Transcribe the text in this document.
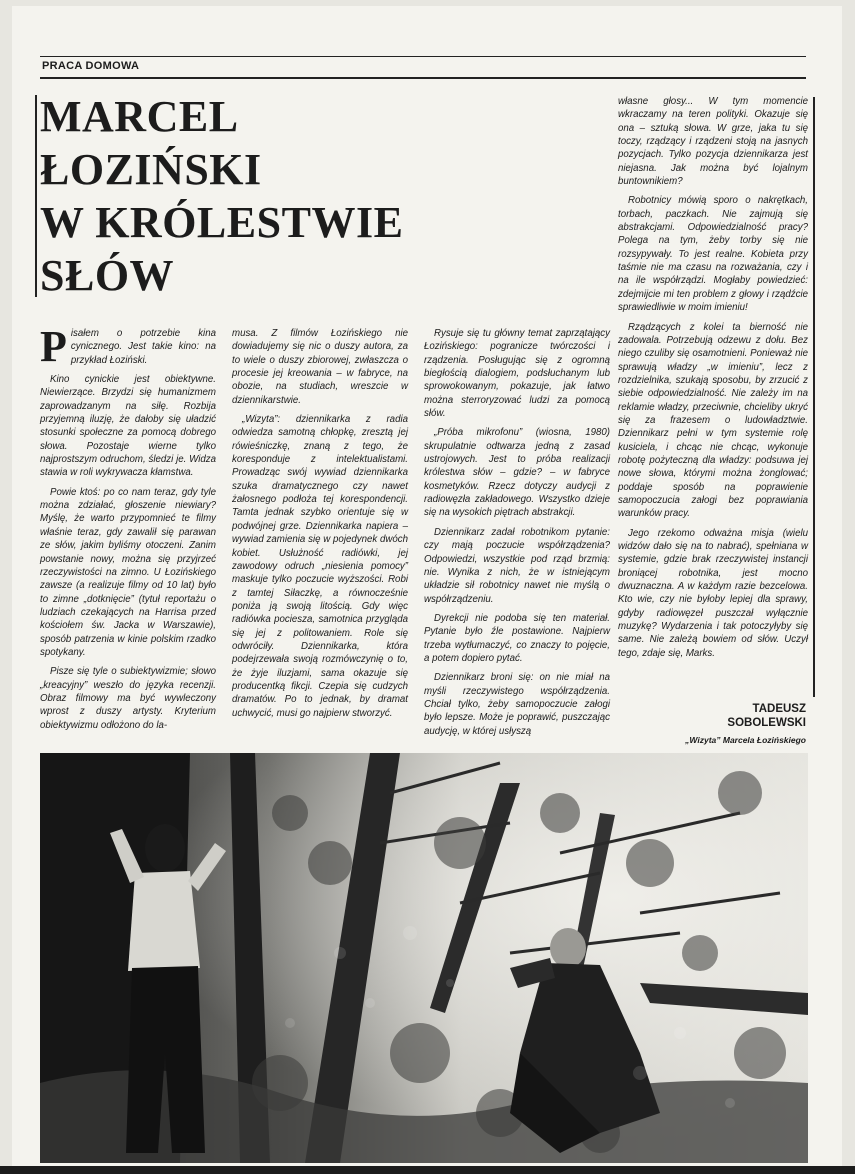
PRACA DOMOWA
MARCEL
ŁOZIŃSKI
W KRÓLESTWIE
SŁÓW

Pisałem o potrzebie kina cynicznego. Jest takie kino: na przykład Łoziński.

Kino cynickie jest obiektywne. Niewierzące. Brzydzi się humanizmem zaprowadzanym na siłę. Rozbija przyjemną iluzję, że dałoby się uładzić stosunki społeczne za pomocą dobrego słowa. Pozostaje wierne tylko najprostszym odruchom, śledzi je. Widza stawia w roli wykrywacza kłamstwa.

Powie ktoś: po co nam teraz, gdy tyle można zdziałać, głoszenie niewiary? Myślę, że warto przypomnieć te filmy właśnie teraz, gdy zawalił się parawan ze słów, jakim byliśmy otoczeni. Zanim powstanie nowy, można się przyjrzeć rzeczywistości na zimno. U Łozińskiego zawsze (a realizuje filmy od 10 lat) było to zimne „dotknięcie” (tytuł reportażu o ludziach czekających na Harrisa przed kościołem św. Jacka w Warszawie), sposób patrzenia w kinie polskim rzadko spotykany.

Pisze się tyle o subiektywizmie; słowo „kreacyjny” weszło do języka recenzji. Obraz filmowy ma być wywleczony wprost z duszy artysty. Kryterium obiektywizmu odłożono do la-

musa. Z filmów Łozińskiego nie dowiadujemy się nic o duszy autora, za to wiele o duszy zbiorowej, zwłaszcza o procesie jej kreowania – w fabryce, na obozie, na studiach, wreszcie w dziennikarstwie.

„Wizyta”: dziennikarka z radia odwiedza samotną chłopkę, zresztą jej rówieśniczkę, znaną z tego, że koresponduje z intelektualistami. Prowadząc swój wywiad dziennikarka szuka dramatycznego czy nawet żałosnego podłoża tej korespondencji. Tamta jednak szybko orientuje się w podwójnej grze. Dziennikarka napiera – wywiad zamienia się w pojedynek dwóch kobiet. Usłużność radiówki, jej zawodowy odruch „niesienia pomocy” maskuje tylko poczucie wyższości. Robi z tamtej Siłaczkę, a równocześnie poniża ją swoją litością. Gdy więc radiówka pociesza, samotnica przygląda się jej z politowaniem. Role się odwróciły. Dziennikarka, która podejrzewała swoją rozmówczynię o to, że żyje iluzjami, sama okazuje się producentką fikcji. Czepia się cudzych dramatów. Po to jednak, by dramat uchwycić, musi go najpierw stworzyć.

Rysuje się tu główny temat zaprzątający Łozińskiego: pogranicze twórczości i rządzenia. Posługując się z ogromną biegłością dialogiem, podsłuchanym lub sprowokowanym, pokazuje, jak łatwo można sterroryzować ludzi za pomocą słów.

„Próba mikrofonu” (wiosna, 1980) skrupulatnie odtwarza jedną z zasad ustrojowych. Jest to próba realizacji królestwa słów – gdzie? – w fabryce kosmetyków. Rzecz dotyczy audycji z radiowęzła zakładowego. Wszystko dzieje się na wysokich piętrach abstrakcji.

Dziennikarz zadał robotnikom pytanie: czy mają poczucie współrządzenia? Odpowiedzi, wszystkie pod rząd brzmią: nie. Wynika z nich, że w istniejącym układzie sił robotnicy nawet nie myślą o współrządzeniu.

Dyrekcji nie podoba się ten materiał. Pytanie było źle postawione. Najpierw trzeba wytłumaczyć, co znaczy to pojęcie, a potem dopiero pytać.

Dziennikarz broni się: on nie miał na myśli rzeczywistego współrządzenia. Chciał tylko, żeby samopoczucie załogi było lepsze. Może je poprawić, puszczając audycję, w której usłyszą

własne głosy... W tym momencie wkraczamy na teren polityki. Okazuje się ona – sztuką słowa. W grze, jaka tu się toczy, rządzący i rządzeni stoją na jasnych pozycjach. Tylko pozycja dziennikarza jest niejasna. Jak można być lojalnym buntownikiem?

Robotnicy mówią sporo o nakrętkach, torbach, paczkach. Nie zajmują się abstrakcjami. Odpowiedzialność pracy? Polega na tym, żeby torby się nie rozsypywały. To jest realne. Kobieta przy taśmie nie ma czasu na rozważania, czy i na ile współrządzi. Mogłaby powiedzieć: zdejmijcie mi ten problem z głowy i rządźcie sprawiedliwie w moim imieniu!

Rządzących z kolei ta bierność nie zadowala. Potrzebują odzewu z dołu. Bez niego czuliby się osamotnieni. Ponieważ nie sprawują władzy „w imieniu”, lecz z rozdzielnika, szukają sposobu, by zrzucić z siebie odpowiedzialność. Nie zależy im na reklamie władzy, przeciwnie, chcieliby ukryć się za frazesem o ludowładztwie. Dziennikarz pełni w tym systemie rolę kusiciela, i chcąc nie chcąc, wykonuje robotę pożyteczną dla władzy: podsuwa jej nowe słowa, którymi można żonglować; poddaje sposób na poprawienie samopoczucia załogi bez poprawiania warunków pracy.

Jego rzekomo odważna misja (wielu widzów dało się na to nabrać), spełniana w systemie, gdzie brak rzeczywistej instancji broniącej robotnika, jest mocno dwuznaczna. A w każdym razie bezcelowa. Kto wie, czy nie byłoby lepiej dla sprawy, gdyby radiowęzeł puszczał wyłącznie muzykę? Wydarzenia i tak potoczyłyby się same. Nie zależą bowiem od słów. Uczył tego, zdaje się, Marks.

TADEUSZ
SOBOLEWSKI
„Wizyta” Marcela Łozińskiego
